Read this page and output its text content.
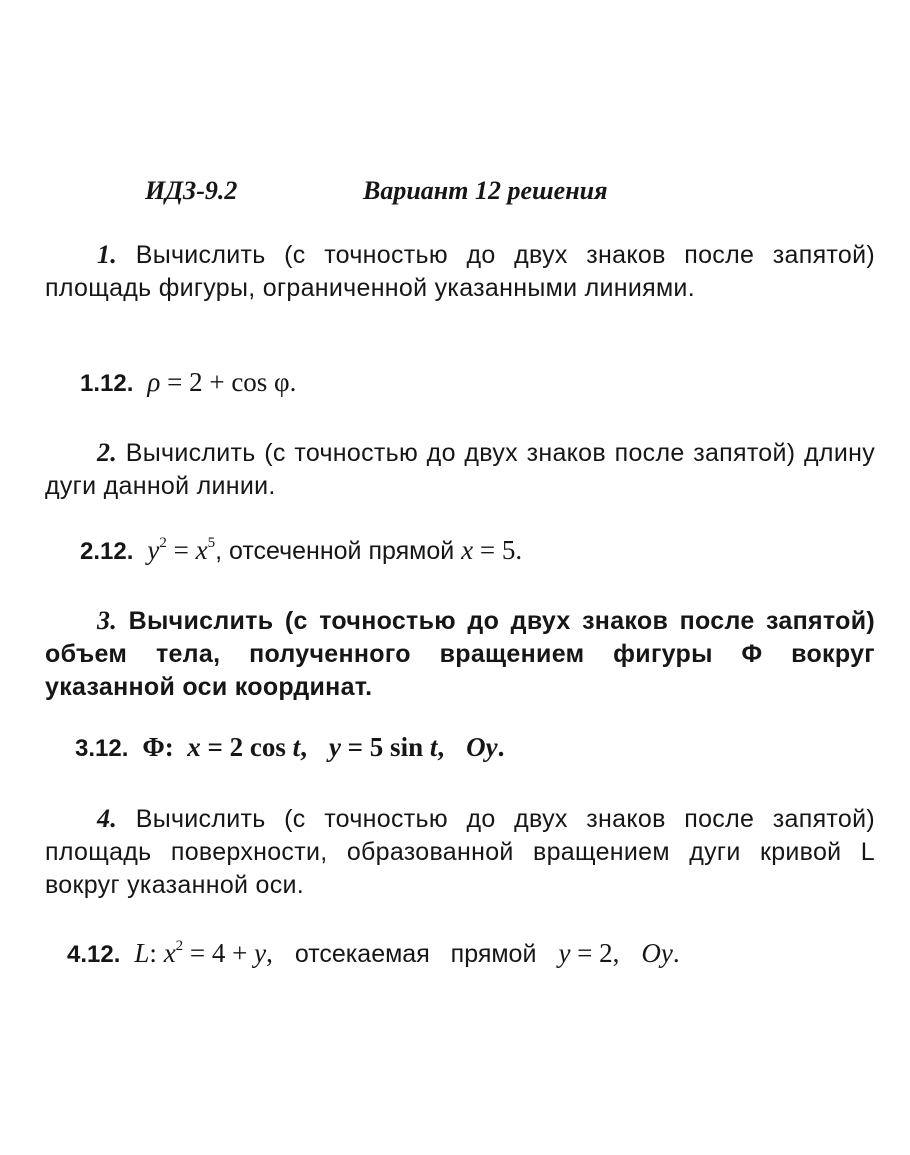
ИДЗ-9.2	Вариант 12 решения
1. Вычислить (с точностью до двух знаков после запятой) площадь фигуры, ограниченной указанными линиями.
1.12. ρ = 2 + cos φ.
2. Вычислить (с точностью до двух знаков после запятой) длину дуги данной линии.
2.12. $y^2 = x^5$, отсеченной прямой x = 5.
3. Вычислить (с точностью до двух знаков после запятой) объем тела, полученного вращением фигуры Φ вокруг указанной оси координат.
3.12. Φ: x = 2 cos t, y = 5 sin t, Oy.
4. Вычислить (с точностью до двух знаков после запятой) площадь поверхности, образованной вращением дуги кривой L вокруг указанной оси.
4.12. L: $x^2 = 4 + y$, отсекаемая прямой y = 2, Oy.
